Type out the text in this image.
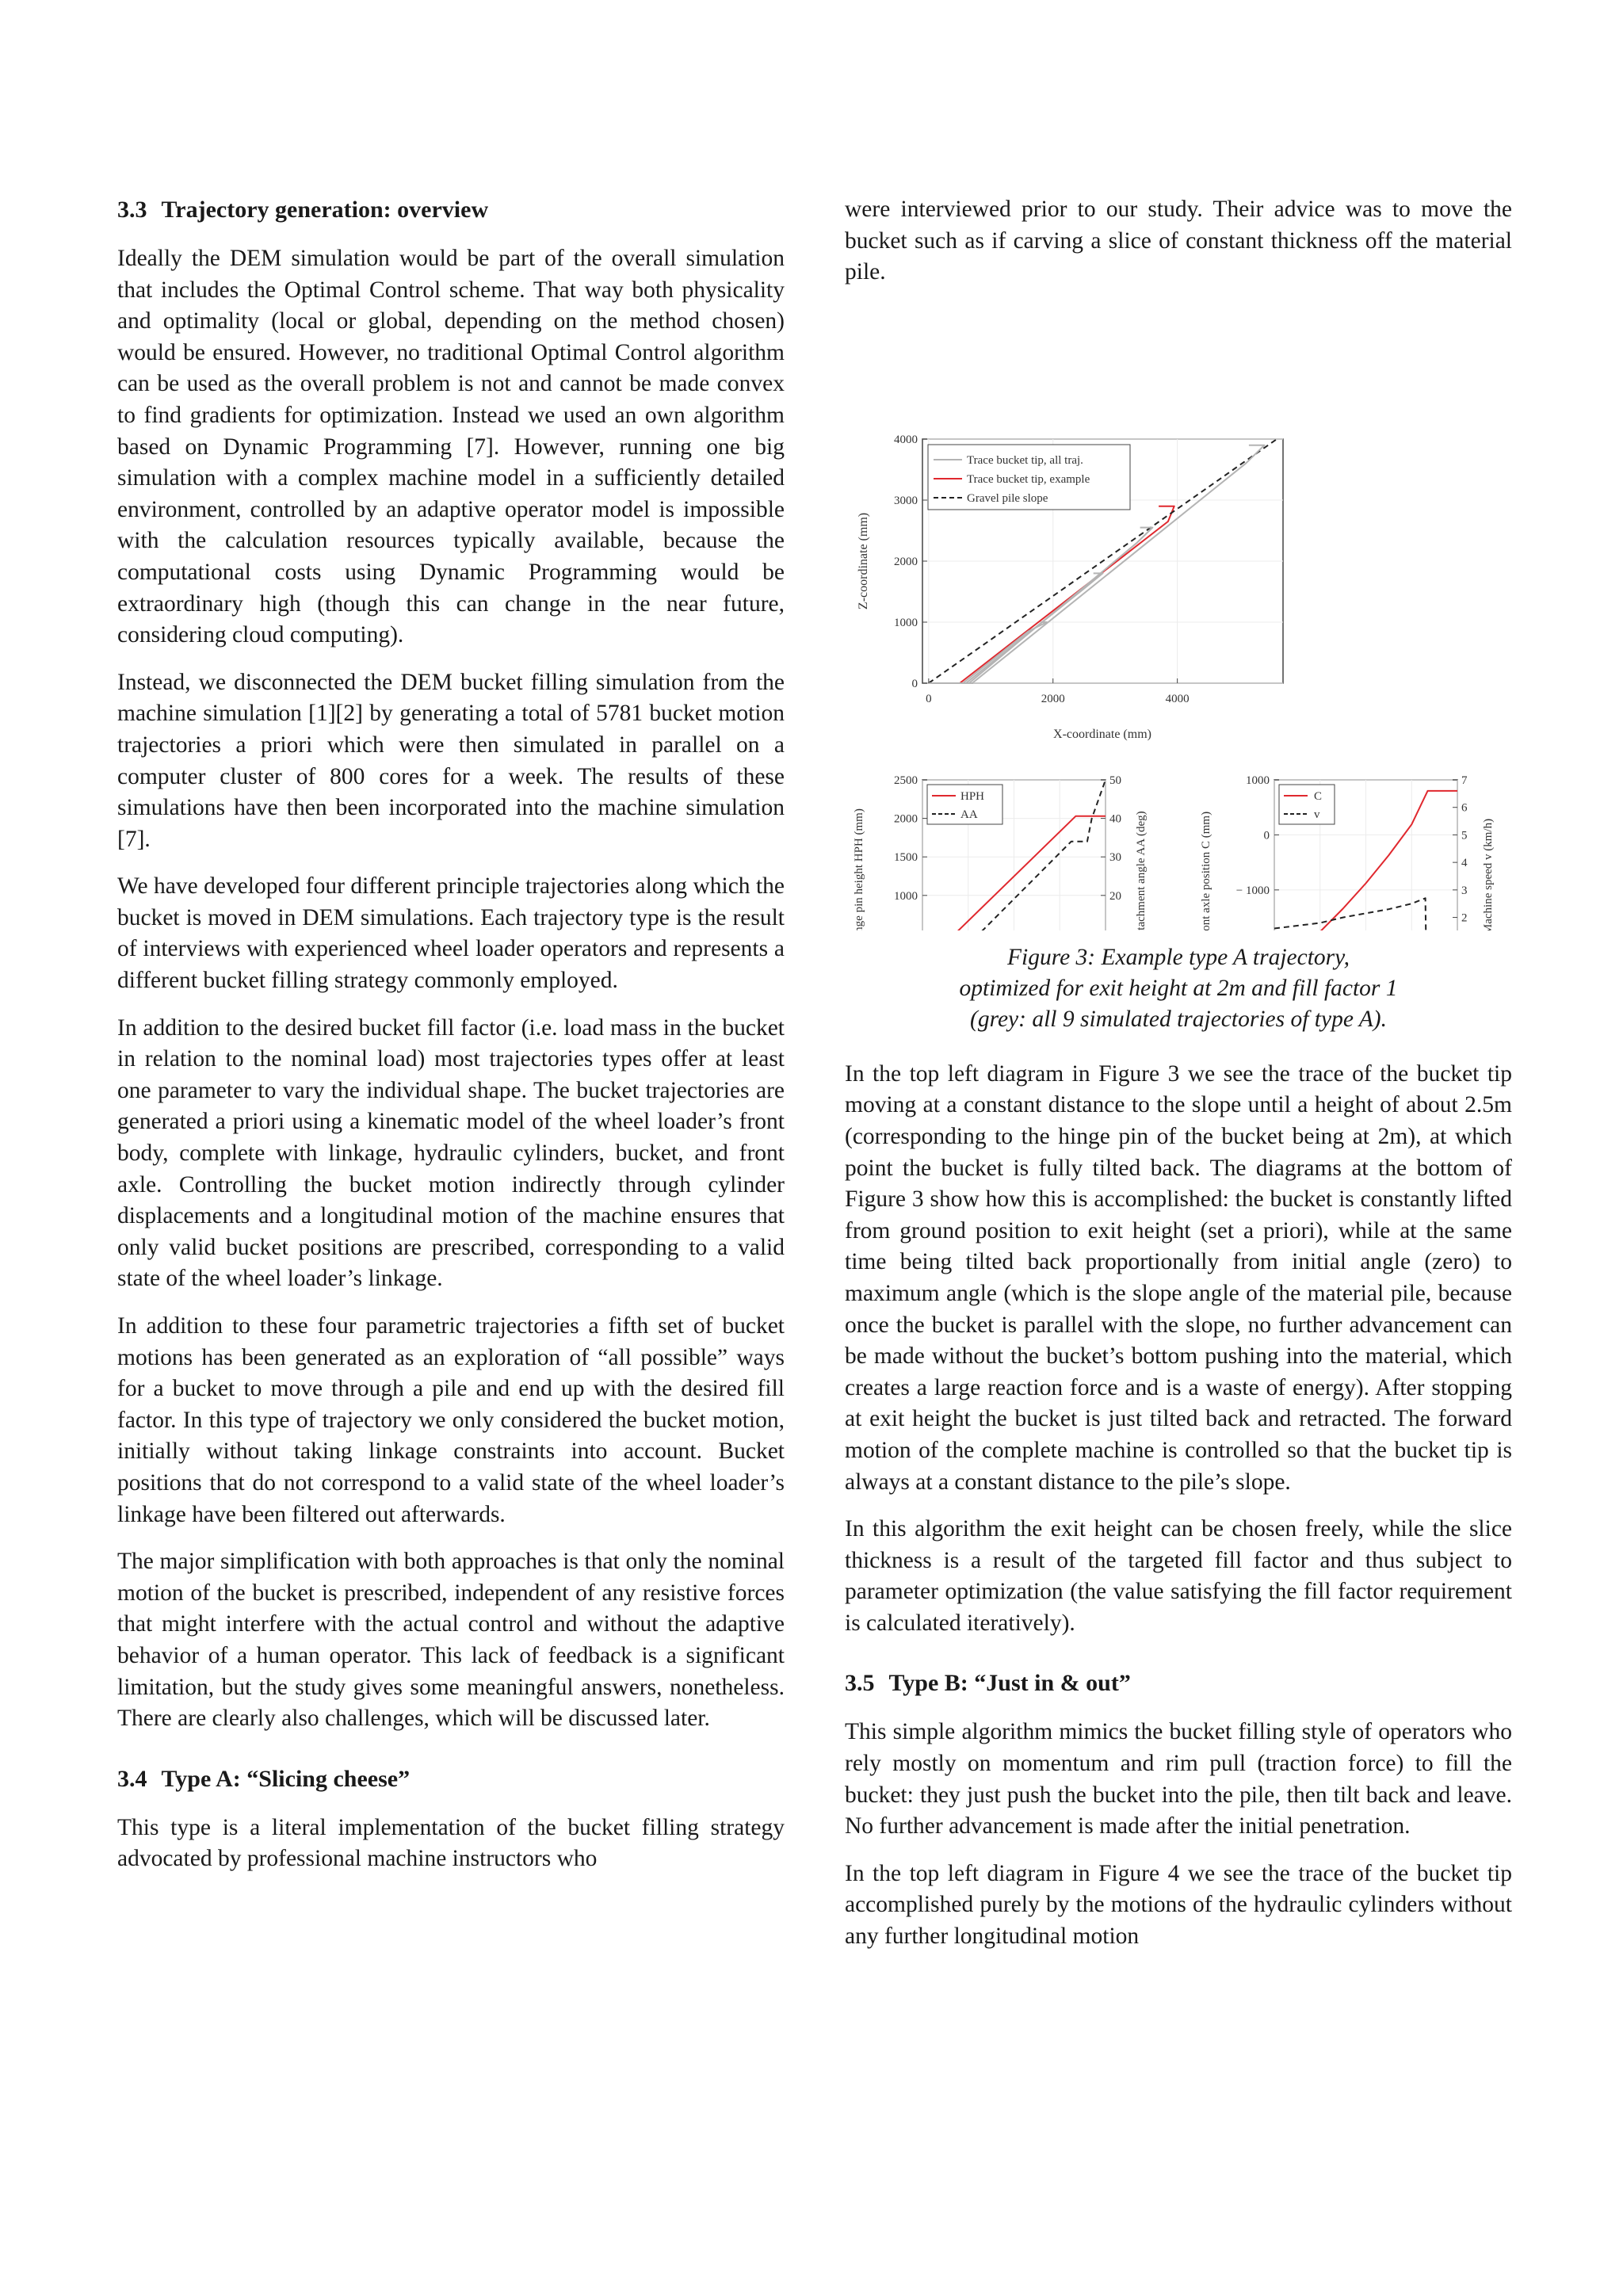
3.3 Trajectory generation: overview

Ideally the DEM simulation would be part of the overall simulation that includes the Optimal Control scheme. That way both physicality and optimality (local or global, depending on the method chosen) would be ensured. However, no traditional Optimal Control algorithm can be used as the overall problem is not and cannot be made convex to find gradients for optimization. Instead we used an own algorithm based on Dynamic Programming [7]. However, running one big simulation with a complex machine model in a sufficiently detailed environment, controlled by an adaptive operator model is impossible with the calculation resources typically available, because the computational costs using Dynamic Programming would be extraordinary high (though this can change in the near future, considering cloud computing).

Instead, we disconnected the DEM bucket filling simulation from the machine simulation [1][2] by generating a total of 5781 bucket motion trajectories a priori which were then simulated in parallel on a computer cluster of 800 cores for a week. The results of these simulations have then been incorporated into the machine simulation [7].

We have developed four different principle trajectories along which the bucket is moved in DEM simulations. Each trajectory type is the result of interviews with experienced wheel loader operators and represents a different bucket filling strategy commonly employed.

In addition to the desired bucket fill factor (i.e. load mass in the bucket in relation to the nominal load) most trajectories types offer at least one parameter to vary the individual shape. The bucket trajectories are generated a priori using a kinematic model of the wheel loader’s front body, complete with linkage, hydraulic cylinders, bucket, and front axle. Controlling the bucket motion indirectly through cylinder displacements and a longitudinal motion of the machine ensures that only valid bucket positions are prescribed, corresponding to a valid state of the wheel loader’s linkage.

In addition to these four parametric trajectories a fifth set of bucket motions has been generated as an exploration of “all possible” ways for a bucket to move through a pile and end up with the desired fill factor. In this type of trajectory we only considered the bucket motion, initially without taking linkage constraints into account. Bucket positions that do not correspond to a valid state of the wheel loader’s linkage have been filtered out afterwards.

The major simplification with both approaches is that only the nominal motion of the bucket is prescribed, independent of any resistive forces that might interfere with the actual control and without the adaptive behavior of a human operator. This lack of feedback is a significant limitation, but the study gives some meaningful answers, nonetheless. There are clearly also challenges, which will be discussed later.

3.4 Type A: “Slicing cheese”

This type is a literal implementation of the bucket filling strategy advocated by professional machine instructors who

were interviewed prior to our study. Their advice was to move the bucket such as if carving a slice of constant thickness off the material pile.

0	2000	4000
0
1000
2000
3000
4000
Trace bucket tip, all traj.
Trace bucket tip, example
Gravel pile slope
X-coordinate (mm)
Z-coordinate (mm)
1000
1500
2000
2500
20
30
40
50
HPH
AA
Hinge pin height HPH (mm)	Attachment angle AA (deg)	− 1000
0
1000
2
3
4
5
6
7
C
v
Front axle position C (mm)	Machine speed v (km/h)
Figure 3: Example type A trajectory,
optimized for exit height at 2m and fill factor 1
(grey: all 9 simulated trajectories of type A).

In the top left diagram in Figure 3 we see the trace of the bucket tip moving at a constant distance to the slope until a height of about 2.5m (corresponding to the hinge pin of the bucket being at 2m), at which point the bucket is fully tilted back. The diagrams at the bottom of Figure 3 show how this is accomplished: the bucket is constantly lifted from ground position to exit height (set a priori), while at the same time being tilted back proportionally from initial angle (zero) to maximum angle (which is the slope angle of the material pile, because once the bucket is parallel with the slope, no further advancement can be made without the bucket’s bottom pushing into the material, which creates a large reaction force and is a waste of energy). After stopping at exit height the bucket is just tilted back and retracted. The forward motion of the complete machine is controlled so that the bucket tip is always at a constant distance to the pile’s slope.

In this algorithm the exit height can be chosen freely, while the slice thickness is a result of the targeted fill factor and thus subject to parameter optimization (the value satisfying the fill factor requirement is calculated iteratively).

3.5 Type B: “Just in & out”

This simple algorithm mimics the bucket filling style of operators who rely mostly on momentum and rim pull (traction force) to fill the bucket: they just push the bucket into the pile, then tilt back and leave. No further advancement is made after the initial penetration.

In the top left diagram in Figure 4 we see the trace of the bucket tip accomplished purely by the motions of the hydraulic cylinders without any further longitudinal motion
